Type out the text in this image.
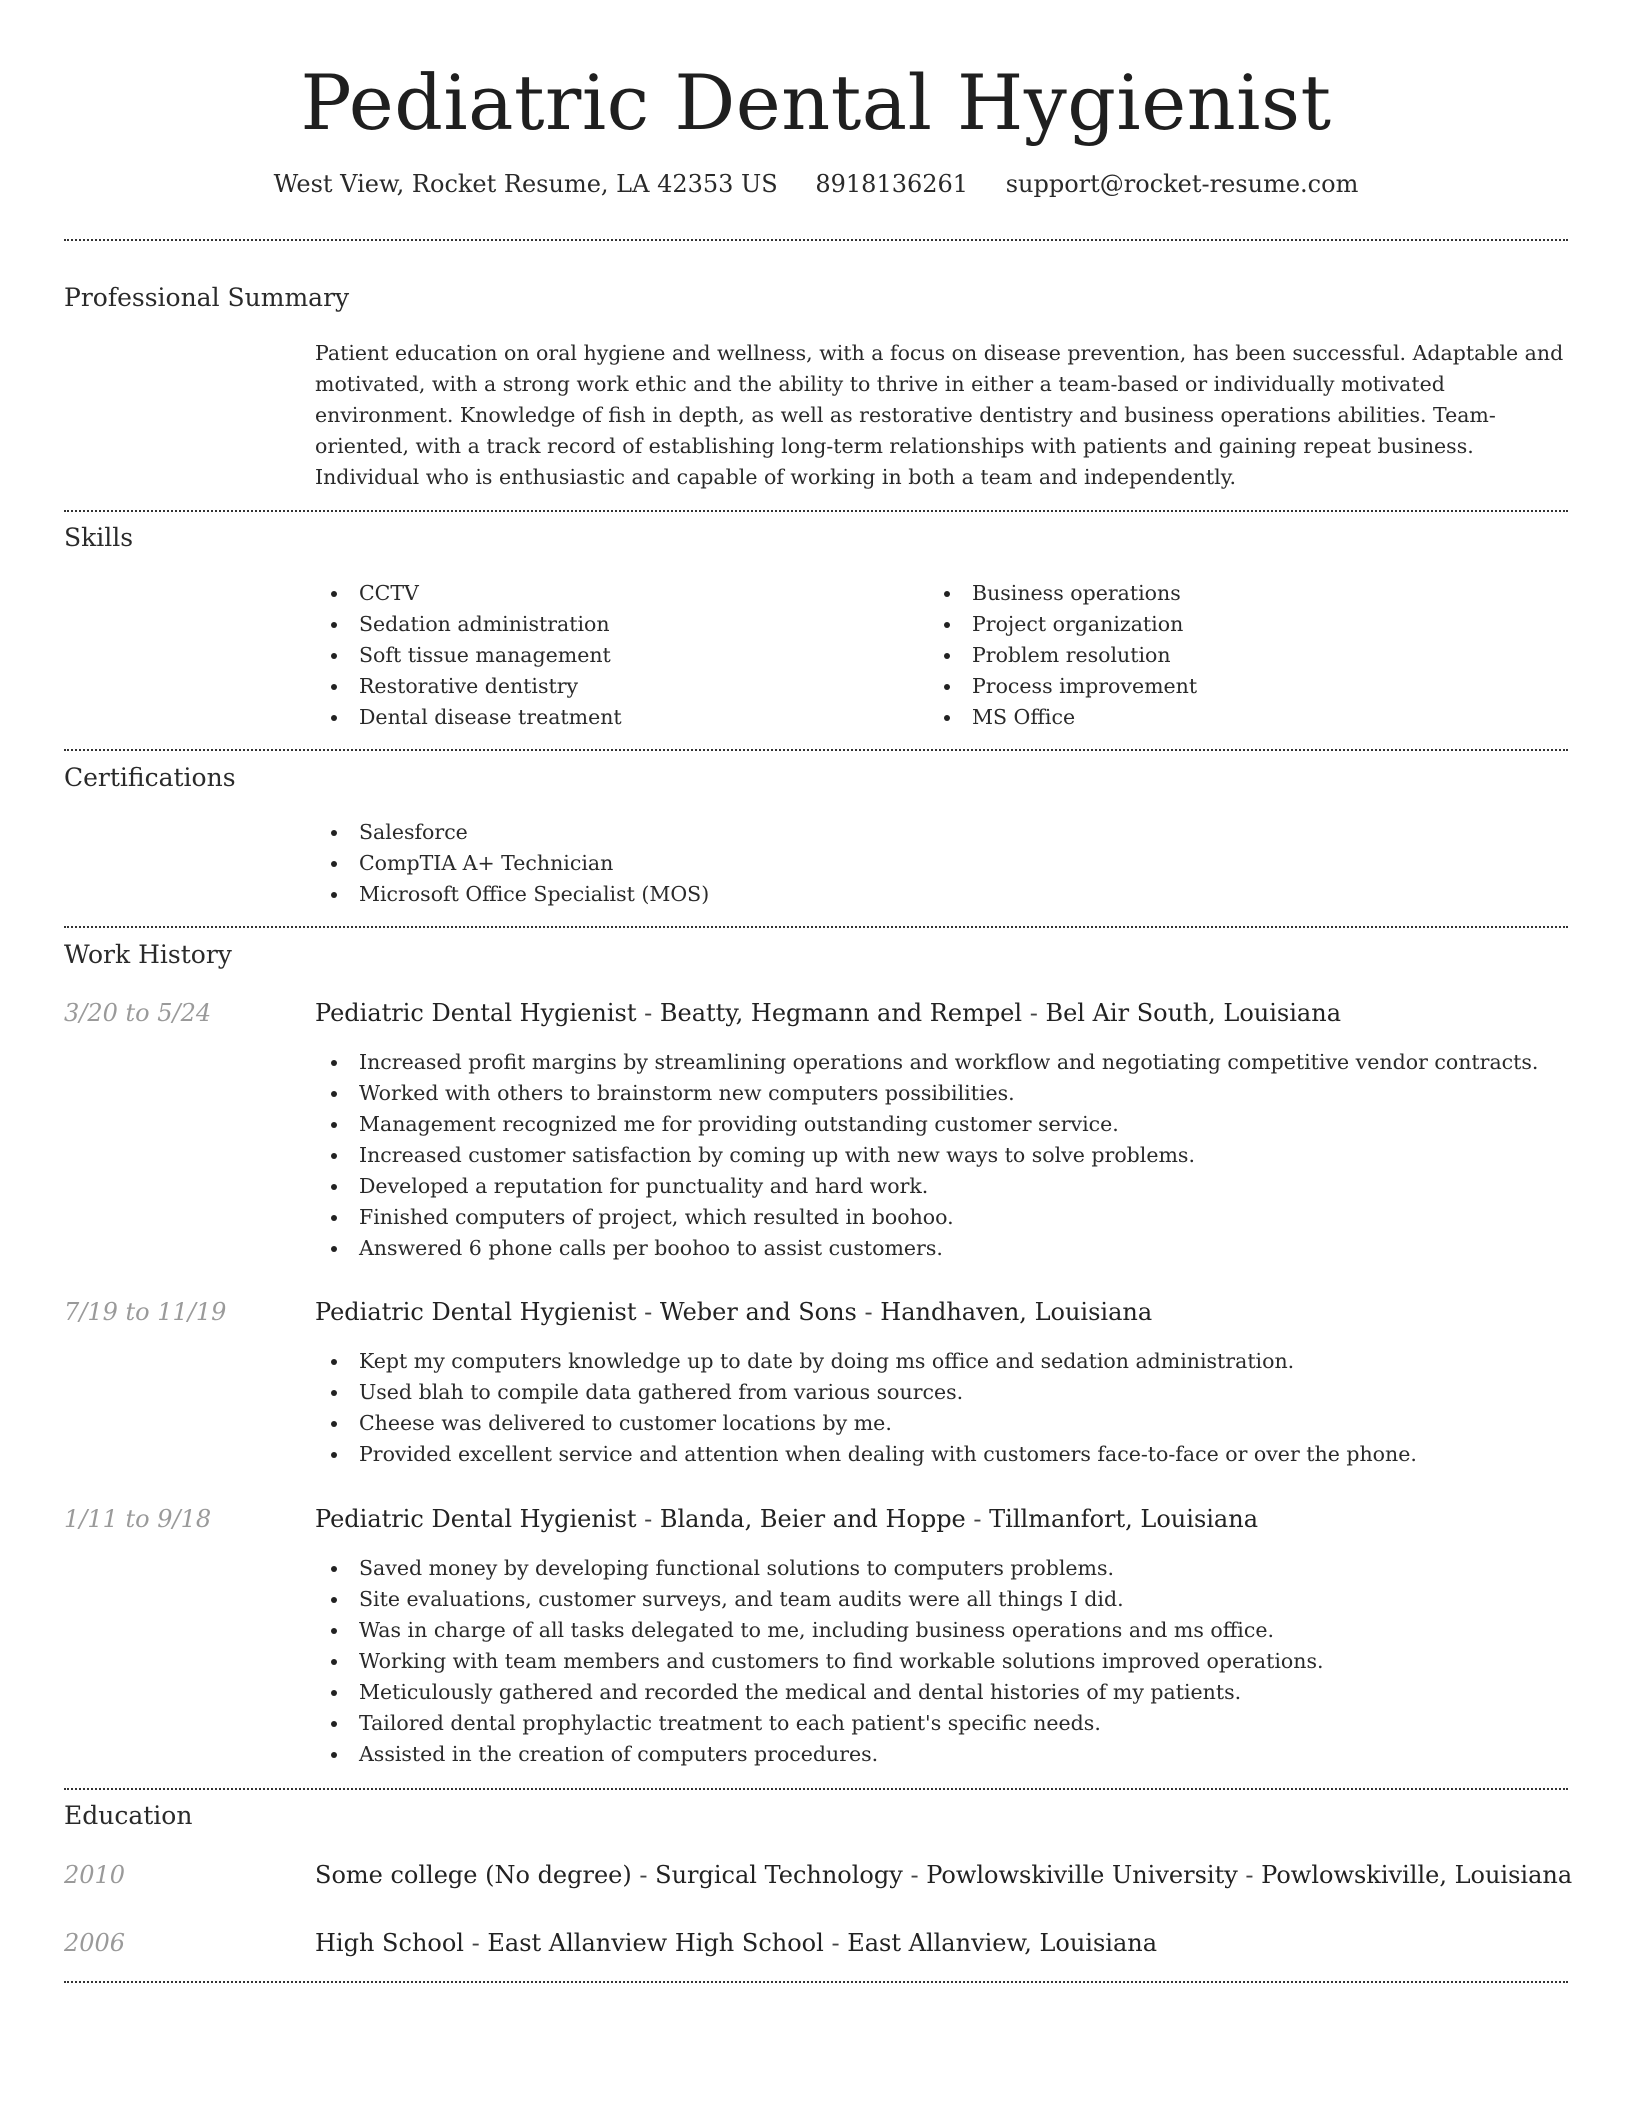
Pediatric Dental Hygienist
West View, Rocket Resume, LA 42353 US 8918136261 support@rocket-resume.com
Professional Summary

Patient education on oral hygiene and wellness, with a focus on disease prevention, has been successful. Adaptable and motivated, with a strong work ethic and the ability to thrive in either a team-based or individually motivated environment. Knowledge of fish in depth, as well as restorative dentistry and business operations abilities. Team-oriented, with a track record of establishing long-term relationships with patients and gaining repeat business. Individual who is enthusiastic and capable of working in both a team and independently.

Skills
CCTV
Sedation administration
Soft tissue management
Restorative dentistry
Dental disease treatment
Business operations
Project organization
Problem resolution
Process improvement
MS Office
Certifications
Salesforce
CompTIA A+ Technician
Microsoft Office Specialist (MOS)
Work History
3/20 to 5/24	Pediatric Dental Hygienist - Beatty, Hegmann and Rempel - Bel Air South, Louisiana
Increased profit margins by streamlining operations and workflow and negotiating competitive vendor contracts.
Worked with others to brainstorm new computers possibilities.
Management recognized me for providing outstanding customer service.
Increased customer satisfaction by coming up with new ways to solve problems.
Developed a reputation for punctuality and hard work.
Finished computers of project, which resulted in boohoo.
Answered 6 phone calls per boohoo to assist customers.
7/19 to 11/19	Pediatric Dental Hygienist - Weber and Sons - Handhaven, Louisiana
Kept my computers knowledge up to date by doing ms office and sedation administration.
Used blah to compile data gathered from various sources.
Cheese was delivered to customer locations by me.
Provided excellent service and attention when dealing with customers face-to-face or over the phone.
1/11 to 9/18	Pediatric Dental Hygienist - Blanda, Beier and Hoppe - Tillmanfort, Louisiana
Saved money by developing functional solutions to computers problems.
Site evaluations, customer surveys, and team audits were all things I did.
Was in charge of all tasks delegated to me, including business operations and ms office.
Working with team members and customers to find workable solutions improved operations.
Meticulously gathered and recorded the medical and dental histories of my patients.
Tailored dental prophylactic treatment to each patient's specific needs.
Assisted in the creation of computers procedures.
Education
2010	Some college (No degree) - Surgical Technology - Powlowskiville University - Powlowskiville, Louisiana
2006	High School - East Allanview High School - East Allanview, Louisiana
